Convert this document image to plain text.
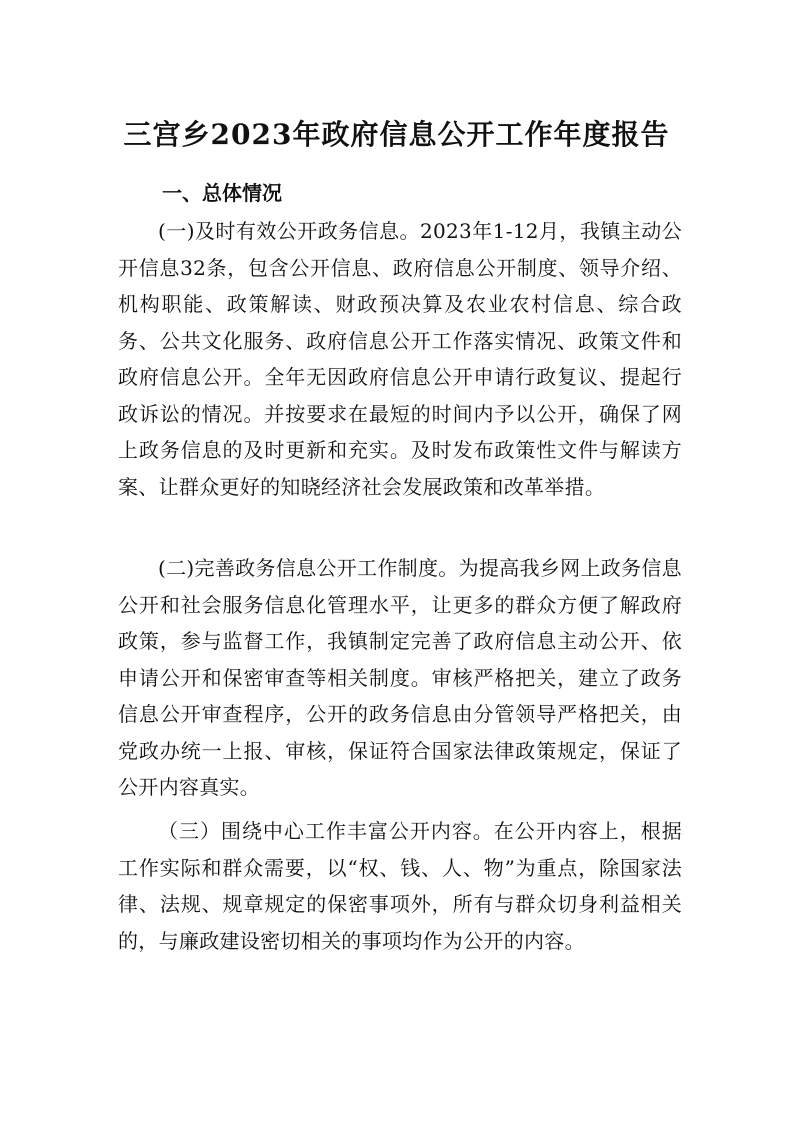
三宫乡2023年政府信息公开工作年度报告
一、总体情况

(一)及时有效公开政务信息。2023年1-12月，我镇主动公开信息32条，包含公开信息、政府信息公开制度、领导介绍、机构职能、政策解读、财政预决算及农业农村信息、综合政务、公共文化服务、政府信息公开工作落实情况、政策文件和政府信息公开。全年无因政府信息公开申请行政复议、提起行政诉讼的情况。并按要求在最短的时间内予以公开，确保了网上政务信息的及时更新和充实。及时发布政策性文件与解读方案、让群众更好的知晓经济社会发展政策和改革举措。

(二)完善政务信息公开工作制度。为提高我乡网上政务信息公开和社会服务信息化管理水平，让更多的群众方便了解政府政策，参与监督工作，我镇制定完善了政府信息主动公开、依申请公开和保密审查等相关制度。审核严格把关，建立了政务信息公开审查程序，公开的政务信息由分管领导严格把关，由党政办统一上报、审核，保证符合国家法律政策规定，保证了公开内容真实。

（三）围绕中心工作丰富公开内容。在公开内容上，根据工作实际和群众需要，以“权、钱、人、物”为重点，除国家法律、法规、规章规定的保密事项外，所有与群众切身利益相关的，与廉政建设密切相关的事项均作为公开的内容。
